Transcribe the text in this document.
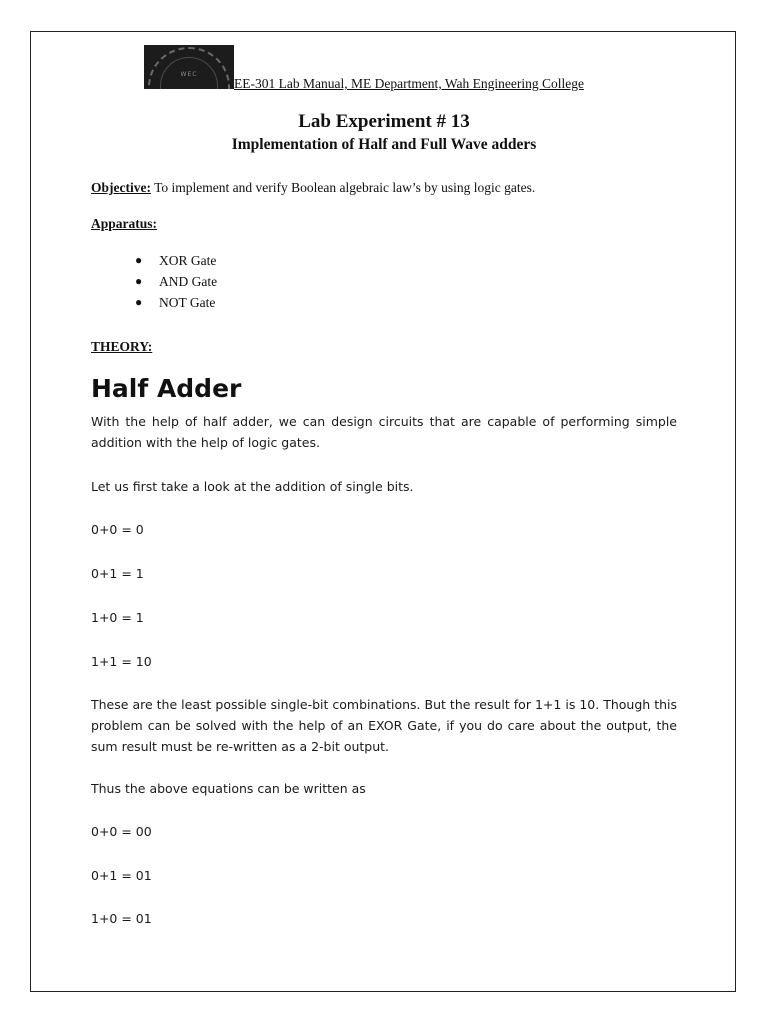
WEC
EE-301 Lab Manual, ME Department, Wah Engineering College
Lab Experiment # 13
Implementation of Half and Full Wave adders
Objective: To implement and verify Boolean algebraic law’s by using logic gates.
Apparatus:
● XOR Gate
● AND Gate
● NOT Gate
THEORY:
Half Adder

With the help of half adder, we can design circuits that are capable of performing simple addition with the help of logic gates.

Let us first take a look at the addition of single bits.

0+0 = 0
0+1 = 1
1+0 = 1
1+1 = 10

These are the least possible single-bit combinations. But the result for 1+1 is 10. Though this problem can be solved with the help of an EXOR Gate, if you do care about the output, the sum result must be re-written as a 2-bit output.

Thus the above equations can be written as

0+0 = 00
0+1 = 01
1+0 = 01
